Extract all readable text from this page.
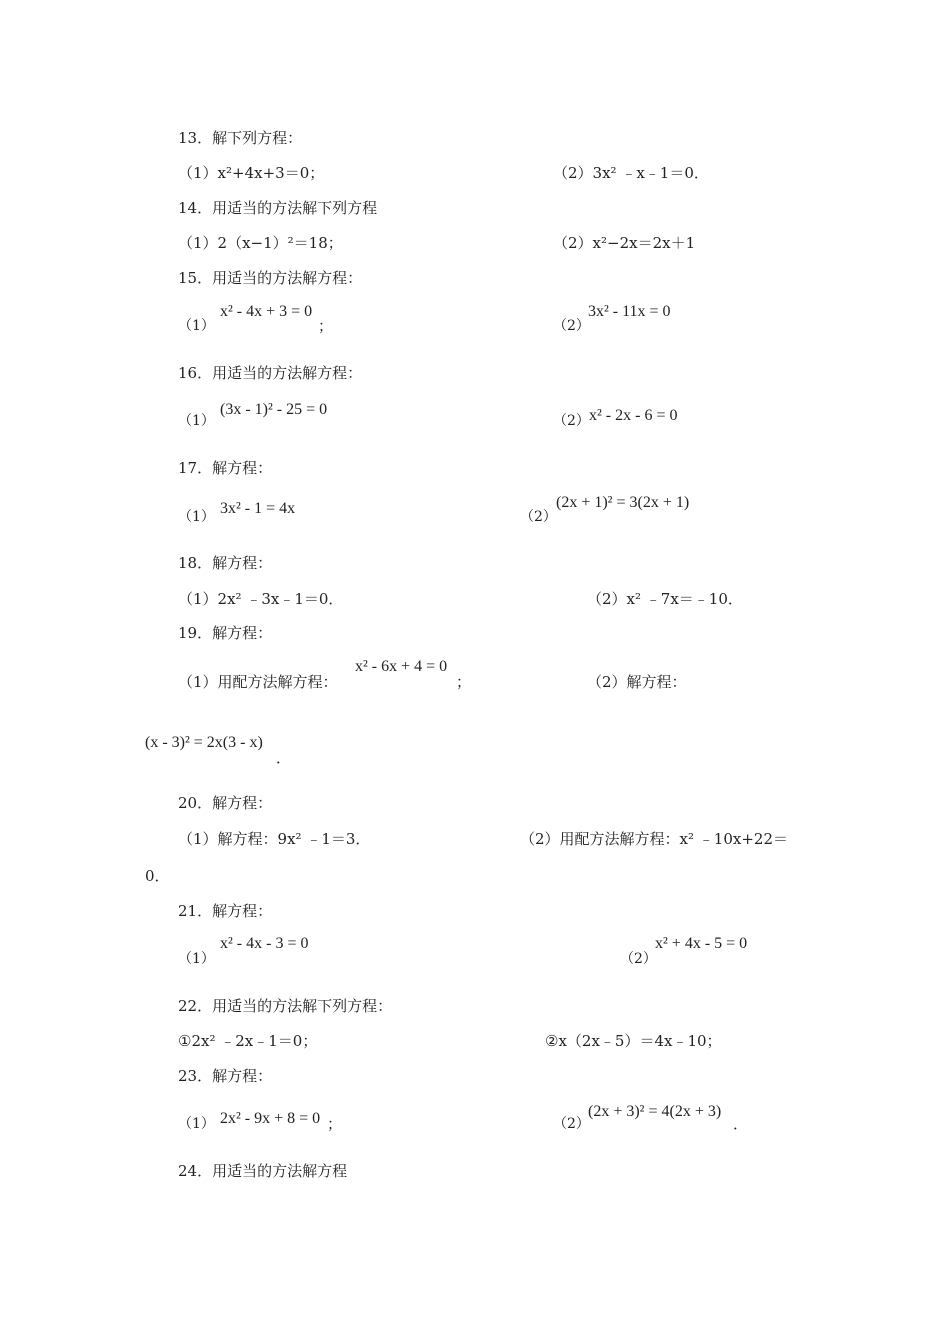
13．解下列方程：
（1）x²+4x+3＝0；	（2）3x² ﹣x﹣1＝0．
14．用适当的方法解下列方程
（1）2（x−1）²＝18；	（2）x²−2x＝2x＋1
15．用适当的方法解方程：
（1）
x² - 4x + 3 = 0
；	（2）
3x² - 11x = 0
16．用适当的方法解方程：
（1）
(3x - 1)² - 25 = 0
（2） x² - 2x - 6 = 0
17．解方程：
（1） 3x² - 1 = 4x	（2）
(2x + 1)² = 3(2x + 1)
18．解方程：
（1）2x² ﹣3x﹣1＝0．	（2）x² ﹣7x＝﹣10．
19．解方程：
（1）用配方法解方程：
x² - 6x + 4 = 0
；	（2）解方程：
(x - 3)² = 2x(3 - x)
．
20．解方程：
（1）解方程：9x² ﹣1＝3．	（2）用配方法解方程：x² ﹣10x+22＝
0．
21．解方程：
（1）
x² - 4x - 3 = 0
（2）
x² + 4x - 5 = 0
22．用适当的方法解下列方程：
①2x² ﹣2x﹣1＝0；	②x（2x﹣5）＝4x﹣10；
23．解方程：
（1） 2x² - 9x + 8 = 0 ；	（2）
(2x + 3)² = 4(2x + 3)
．
24．用适当的方法解方程
